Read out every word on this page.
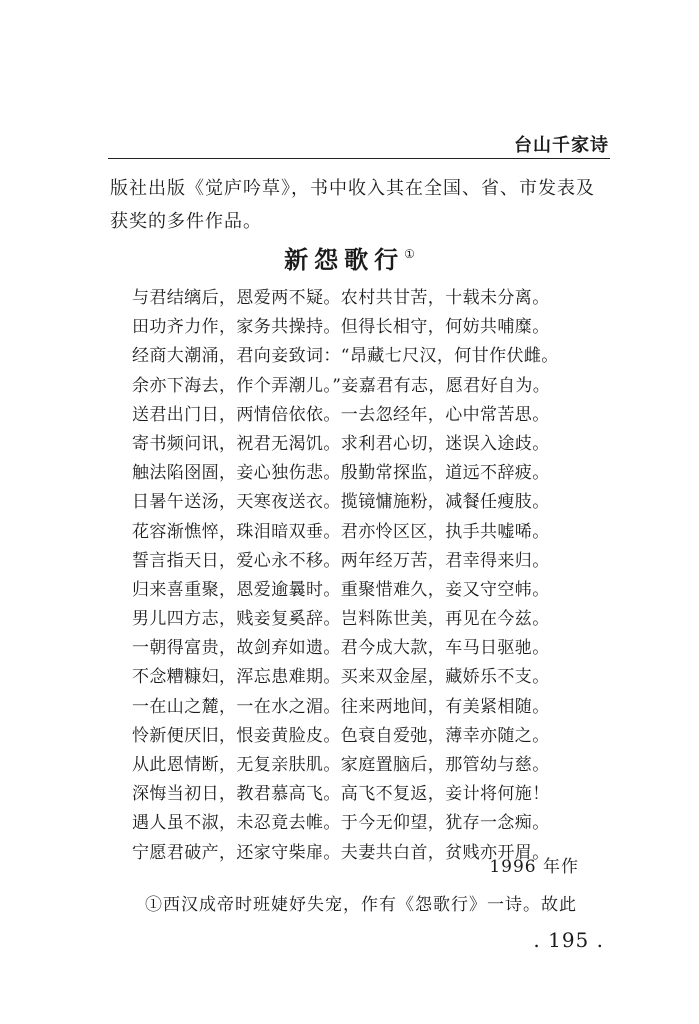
台山千家诗

版社出版《觉庐吟草》，书中收入其在全国、省、市发表及

获奖的多件作品。

新怨歌行①
与君结缡后，恩爱两不疑。农村共甘苦，十载未分离。
田功齐力作，家务共操持。但得长相守，何妨共哺糜。
经商大潮涌，君向妾致词：“昂藏七尺汉，何甘作伏雌。
余亦下海去，作个弄潮儿。”妾嘉君有志，愿君好自为。
送君出门日，两情倍依依。一去忽经年，心中常苦思。
寄书频问讯，祝君无渴饥。求利君心切，迷误入途歧。
触法陷囹圄，妾心独伤悲。殷勤常探监，道远不辞疲。
日暑午送汤，天寒夜送衣。揽镜慵施粉，减餐任瘦肢。
花容渐憔悴，珠泪暗双垂。君亦怜区区，执手共嘘唏。
誓言指天日，爱心永不移。两年经万苦，君幸得来归。
归来喜重聚，恩爱逾曩时。重聚惜难久，妾又守空帏。
男儿四方志，贱妾复奚辞。岂料陈世美，再见在今兹。
一朝得富贵，故剑弃如遗。君今成大款，车马日驱驰。
不念糟糠妇，浑忘患难期。买来双金屋，藏娇乐不支。
一在山之麓，一在水之湄。往来两地间，有美紧相随。
怜新便厌旧，恨妾黄脸皮。色衰自爱弛，薄幸亦随之。
从此恩情断，无复亲肤肌。家庭置脑后，那管幼与慈。
深悔当初日，教君慕高飞。高飞不复返，妾计将何施！
遇人虽不淑，未忍竟去帷。于今无仰望，犹存一念痴。
宁愿君破产，还家守柴扉。夫妻共白首，贫贱亦开眉。
1996 年作
①西汉成帝时班婕妤失宠，作有《怨歌行》一诗。故此
. 195 .
